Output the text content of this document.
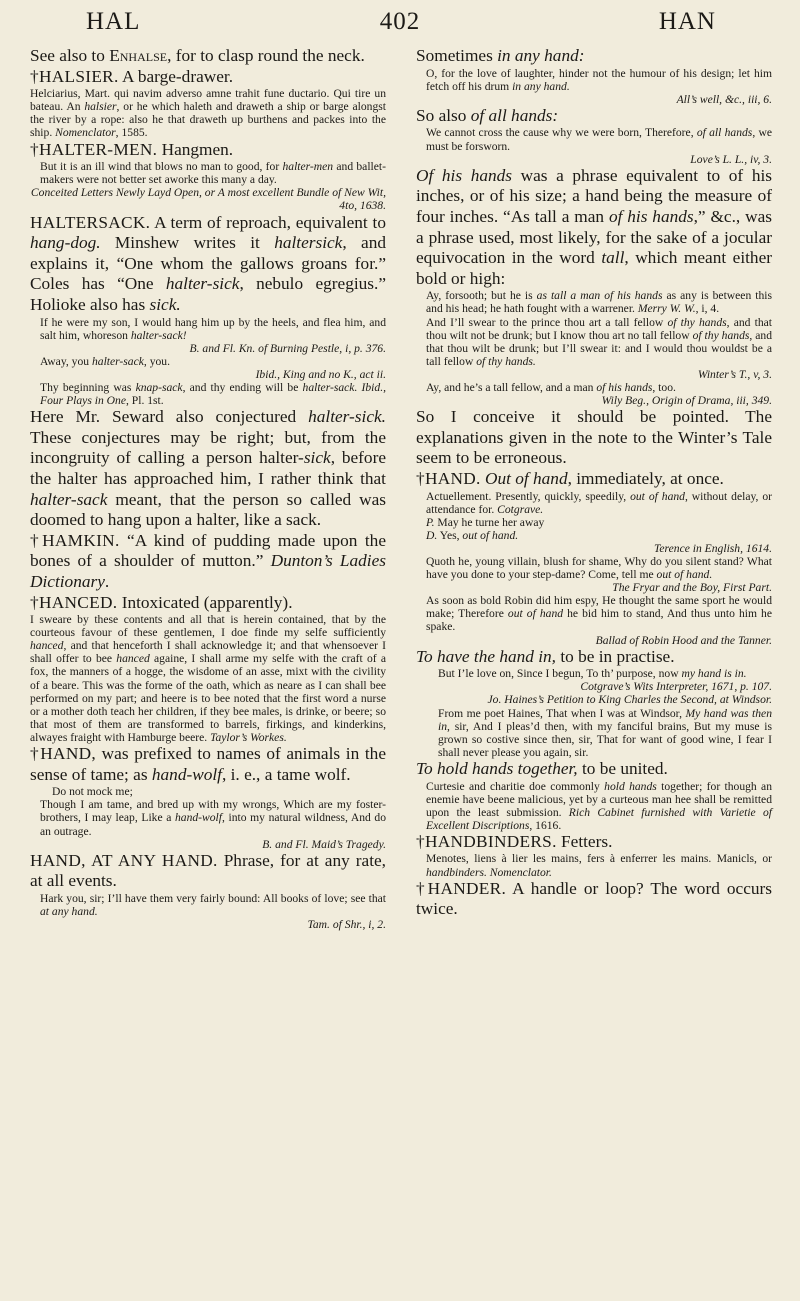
HAL	402	HAN

See also to Enhalse, for to clasp round the neck.

†HALSIER. A barge-drawer.

Helciarius, Mart. qui navim adverso amne trahit fune ductario. Qui tire un bateau. An halsier, or he which haleth and draweth a ship or barge alongst the river by a rope: also he that draweth up burthens and packes into the ship. Nomenclator, 1585.

†HALTER-MEN. Hangmen.

But it is an ill wind that blows no man to good, for halter-men and ballet-makers were not better set aworke this many a day.

Conceited Letters Newly Layd Open, or A most excellent Bundle of New Wit, 4to, 1638.

HALTERSACK. A term of reproach, equivalent to hang-dog. Minshew writes it haltersick, and explains it, “One whom the gallows groans for.” Coles has “One halter-sick, nebulo egregius.” Holioke also has sick.

If he were my son, I would hang him up by the heels, and flea him, and salt him, whoreson halter-sack!

B. and Fl. Kn. of Burning Pestle, i, p. 376.

Away, you halter-sack, you.

Ibid., King and no K., act ii.

Thy beginning was knap-sack, and thy ending will be halter-sack. Ibid., Four Plays in One, Pl. 1st.

Here Mr. Seward also conjectured halter-sick. These conjectures may be right; but, from the incongruity of calling a person halter-sick, before the halter has approached him, I rather think that halter-sack meant, that the person so called was doomed to hang upon a halter, like a sack.

†HAMKIN. “A kind of pudding made upon the bones of a shoulder of mutton.” Dunton’s Ladies Dictionary.

†HANCED. Intoxicated (apparently).

I sweare by these contents and all that is herein contained, that by the courteous favour of these gentlemen, I doe finde my selfe sufficiently hanced, and that henceforth I shall acknowledge it; and that whensoever I shall offer to bee hanced againe, I shall arme my selfe with the craft of a fox, the manners of a hogge, the wisdome of an asse, mixt with the civility of a beare. This was the forme of the oath, which as neare as I can shall bee performed on my part; and heere is to bee noted that the first word a nurse or a mother doth teach her children, if they bee males, is drinke, or beere; so that most of them are transformed to barrels, firkings, and kinderkins, alwayes fraight with Hamburge beere. Taylor’s Workes.

†HAND, was prefixed to names of animals in the sense of tame; as hand-wolf, i. e., a tame wolf.

Do not mock me;

Though I am tame, and bred up with my wrongs, Which are my foster-brothers, I may leap, Like a hand-wolf, into my natural wildness, And do an outrage.

B. and Fl. Maid’s Tragedy.

HAND, AT ANY HAND. Phrase, for at any rate, at all events.

Hark you, sir; I’ll have them very fairly bound: All books of love; see that at any hand.

Tam. of Shr., i, 2.

Sometimes in any hand:

O, for the love of laughter, hinder not the humour of his design; let him fetch off his drum in any hand.

All’s well, &c., iii, 6.

So also of all hands:

We cannot cross the cause why we were born, Therefore, of all hands, we must be forsworn.

Love’s L. L., iv, 3.

Of his hands was a phrase equivalent to of his inches, or of his size; a hand being the measure of four inches. “As tall a man of his hands,” &c., was a phrase used, most likely, for the sake of a jocular equivocation in the word tall, which meant either bold or high:

Ay, forsooth; but he is as tall a man of his hands as any is between this and his head; he hath fought with a warrener. Merry W. W., i, 4.

And I’ll swear to the prince thou art a tall fellow of thy hands, and that thou wilt not be drunk; but I know thou art no tall fellow of thy hands, and that thou wilt be drunk; but I’ll swear it: and I would thou wouldst be a tall fellow of thy hands.

Winter’s T., v, 3.

Ay, and he’s a tall fellow, and a man of his hands, too.

Wily Beg., Origin of Drama, iii, 349.

So I conceive it should be pointed. The explanations given in the note to the Winter’s Tale seem to be erroneous.

†HAND. Out of hand, immediately, at once.

Actuellement. Presently, quickly, speedily, out of hand, without delay, or attendance for. Cotgrave.

P. May he turne her away

D. Yes, out of hand.

Terence in English, 1614.

Quoth he, young villain, blush for shame, Why do you silent stand? What have you done to your step-dame? Come, tell me out of hand.

The Fryar and the Boy, First Part.

As soon as bold Robin did him espy, He thought the same sport he would make; Therefore out of hand he bid him to stand, And thus unto him he spake.

Ballad of Robin Hood and the Tanner.

To have the hand in, to be in practise.

But I’le love on, Since I begun, To th’ purpose, now my hand is in.

Cotgrave’s Wits Interpreter, 1671, p. 107.

Jo. Haines’s Petition to King Charles the Second, at Windsor.

From me poet Haines, That when I was at Windsor, My hand was then in, sir, And I pleas’d then, with my fanciful brains, But my muse is grown so costive since then, sir, That for want of good wine, I fear I shall never please you again, sir.

To hold hands together, to be united.

Curtesie and charitie doe commonly hold hands together; for though an enemie have beene malicious, yet by a curteous man hee shall be remitted upon the least submission. Rich Cabinet furnished with Varietie of Excellent Discriptions, 1616.

†HANDBINDERS. Fetters.

Menotes, liens à lier les mains, fers à enferrer les mains. Manicls, or handbinders. Nomenclator.

†HANDER. A handle or loop? The word occurs twice.
